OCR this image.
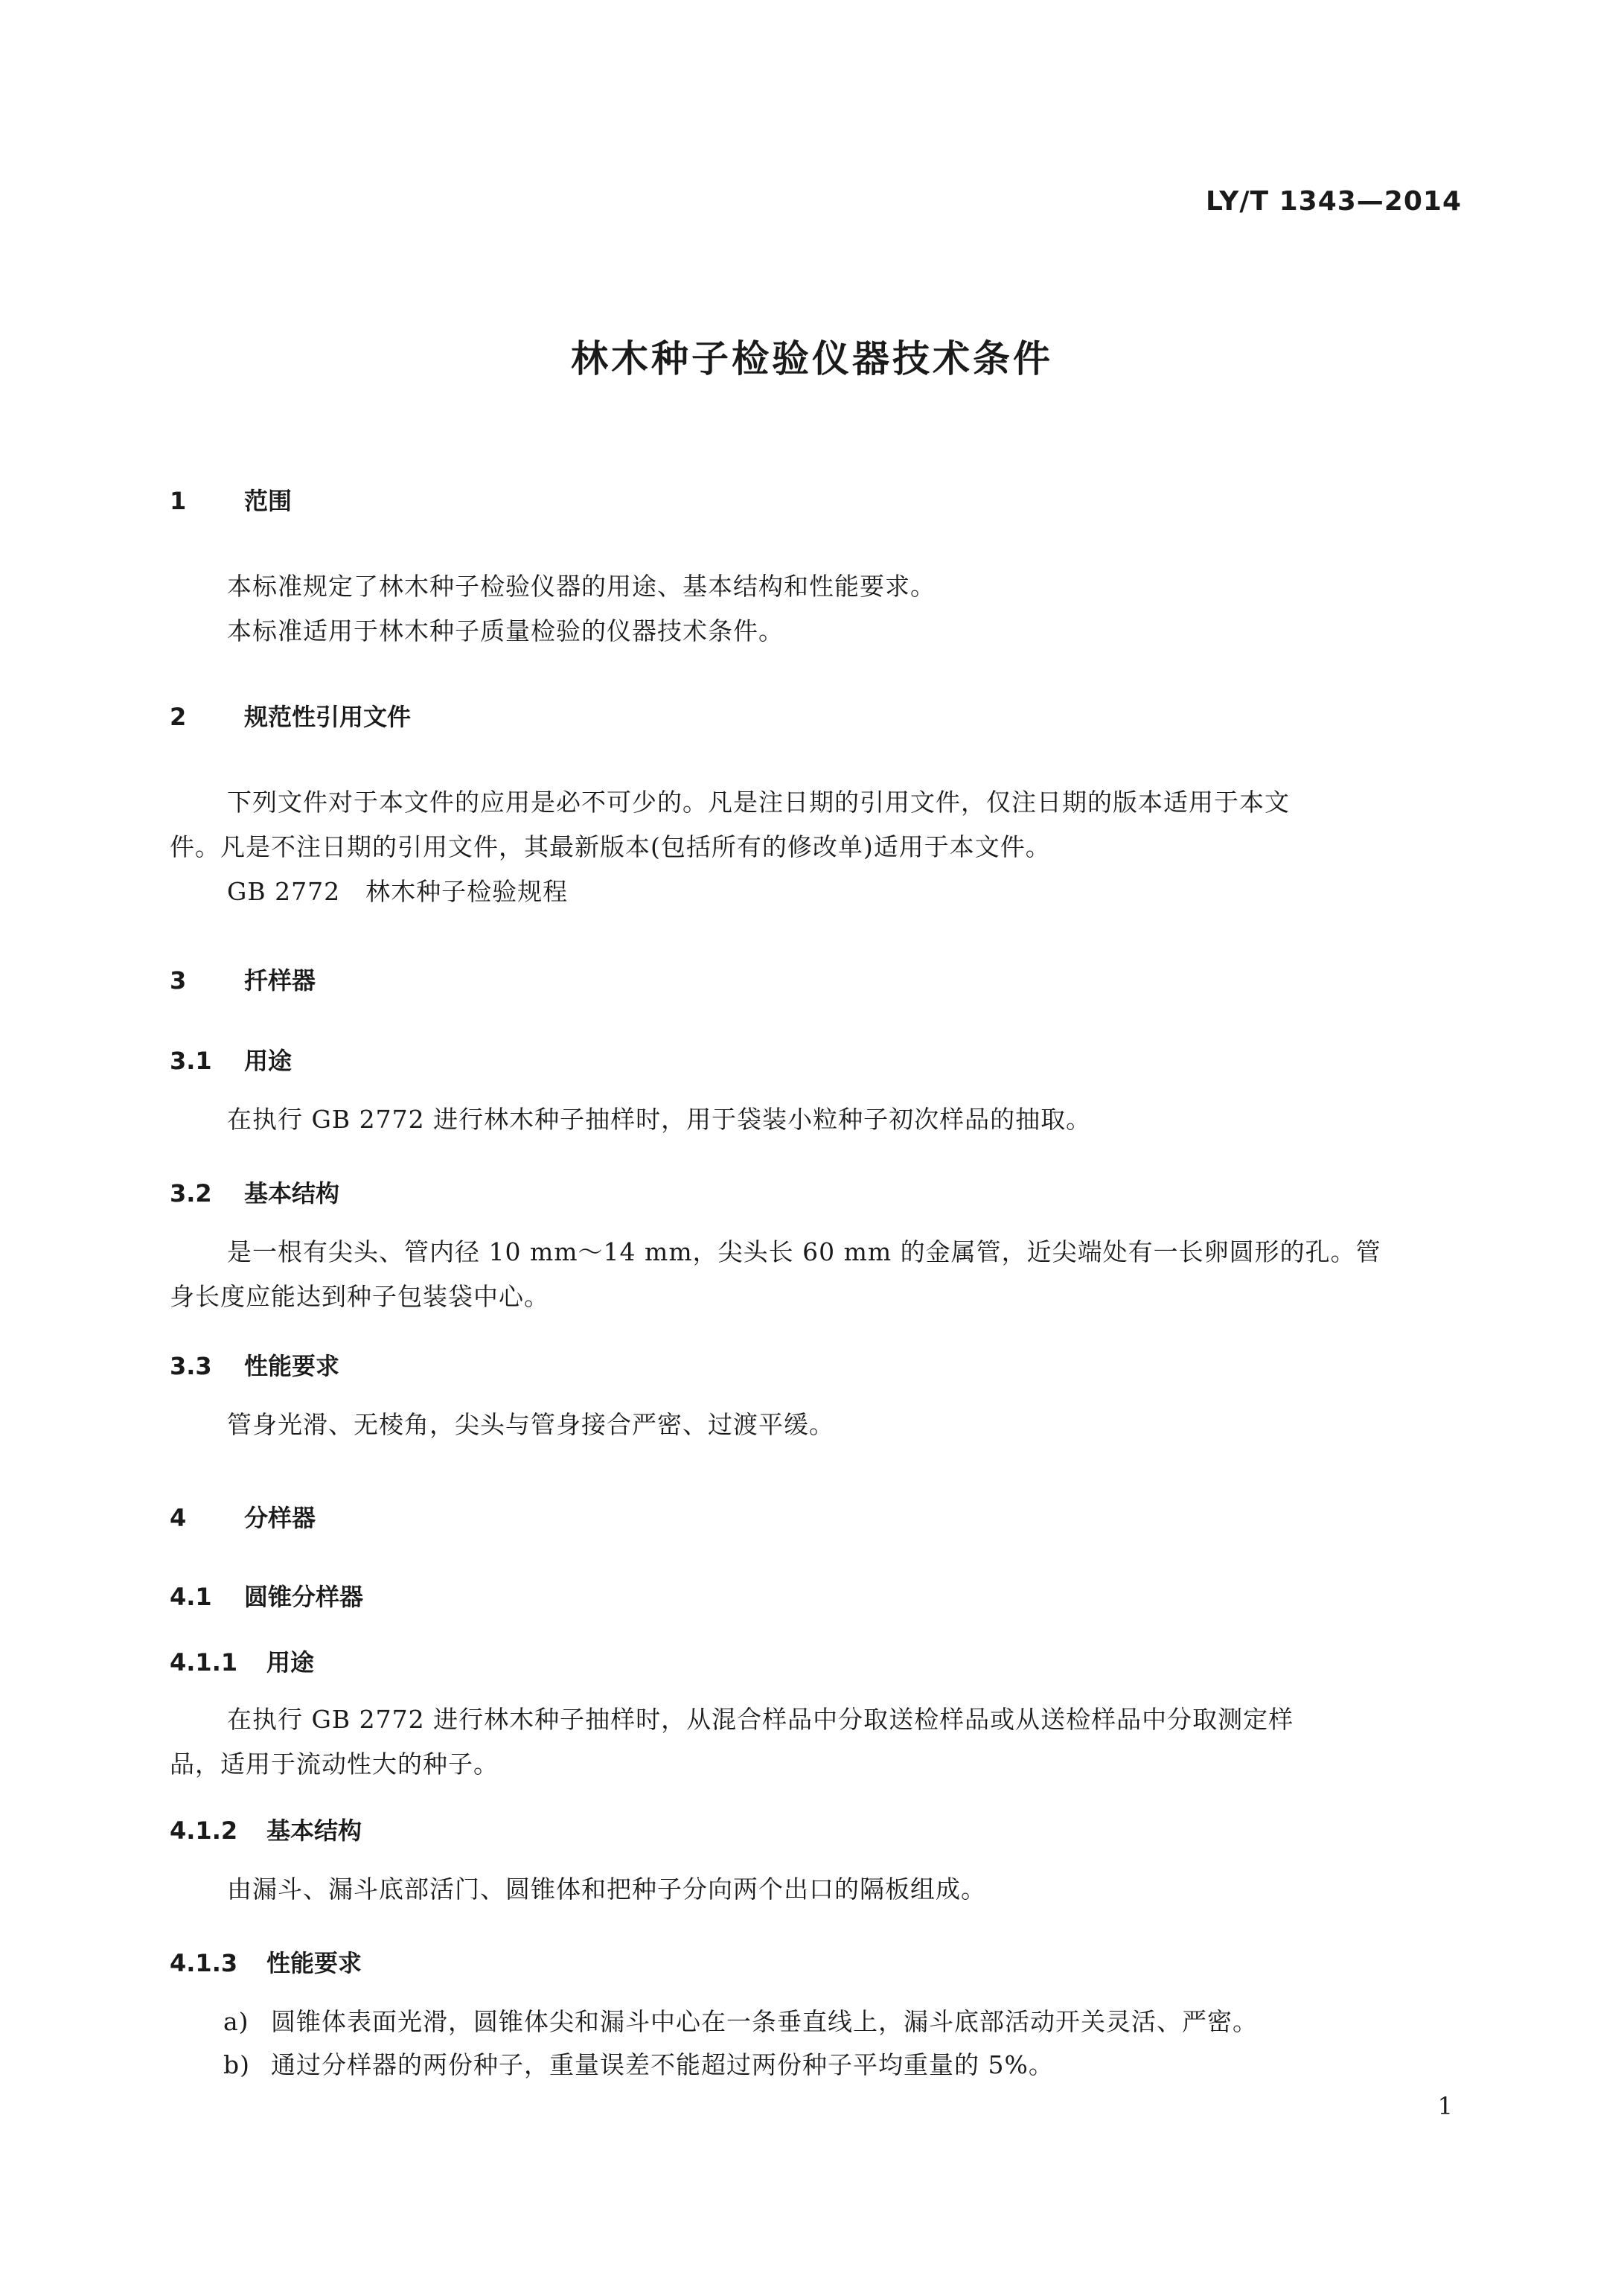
LY/T 1343—2014
林木种子检验仪器技术条件
1 范围
本标准规定了林木种子检验仪器的用途、基本结构和性能要求。
本标准适用于林木种子质量检验的仪器技术条件。
2 规范性引用文件
下列文件对于本文件的应用是必不可少的。凡是注日期的引用文件，仅注日期的版本适用于本文
件。凡是不注日期的引用文件，其最新版本(包括所有的修改单)适用于本文件。
GB 2772　林木种子检验规程
3 扦样器
3.1 用途
在执行 GB 2772 进行林木种子抽样时，用于袋装小粒种子初次样品的抽取。
3.2 基本结构
是一根有尖头、管内径 10 mm～14 mm，尖头长 60 mm 的金属管，近尖端处有一长卵圆形的孔。管
身长度应能达到种子包装袋中心。
3.3 性能要求
管身光滑、无棱角，尖头与管身接合严密、过渡平缓。
4 分样器
4.1 圆锥分样器
4.1.1 用途
在执行 GB 2772 进行林木种子抽样时，从混合样品中分取送检样品或从送检样品中分取测定样
品，适用于流动性大的种子。
4.1.2 基本结构
由漏斗、漏斗底部活门、圆锥体和把种子分向两个出口的隔板组成。
4.1.3 性能要求
a) 圆锥体表面光滑，圆锥体尖和漏斗中心在一条垂直线上，漏斗底部活动开关灵活、严密。
b) 通过分样器的两份种子，重量误差不能超过两份种子平均重量的 5%。
1
